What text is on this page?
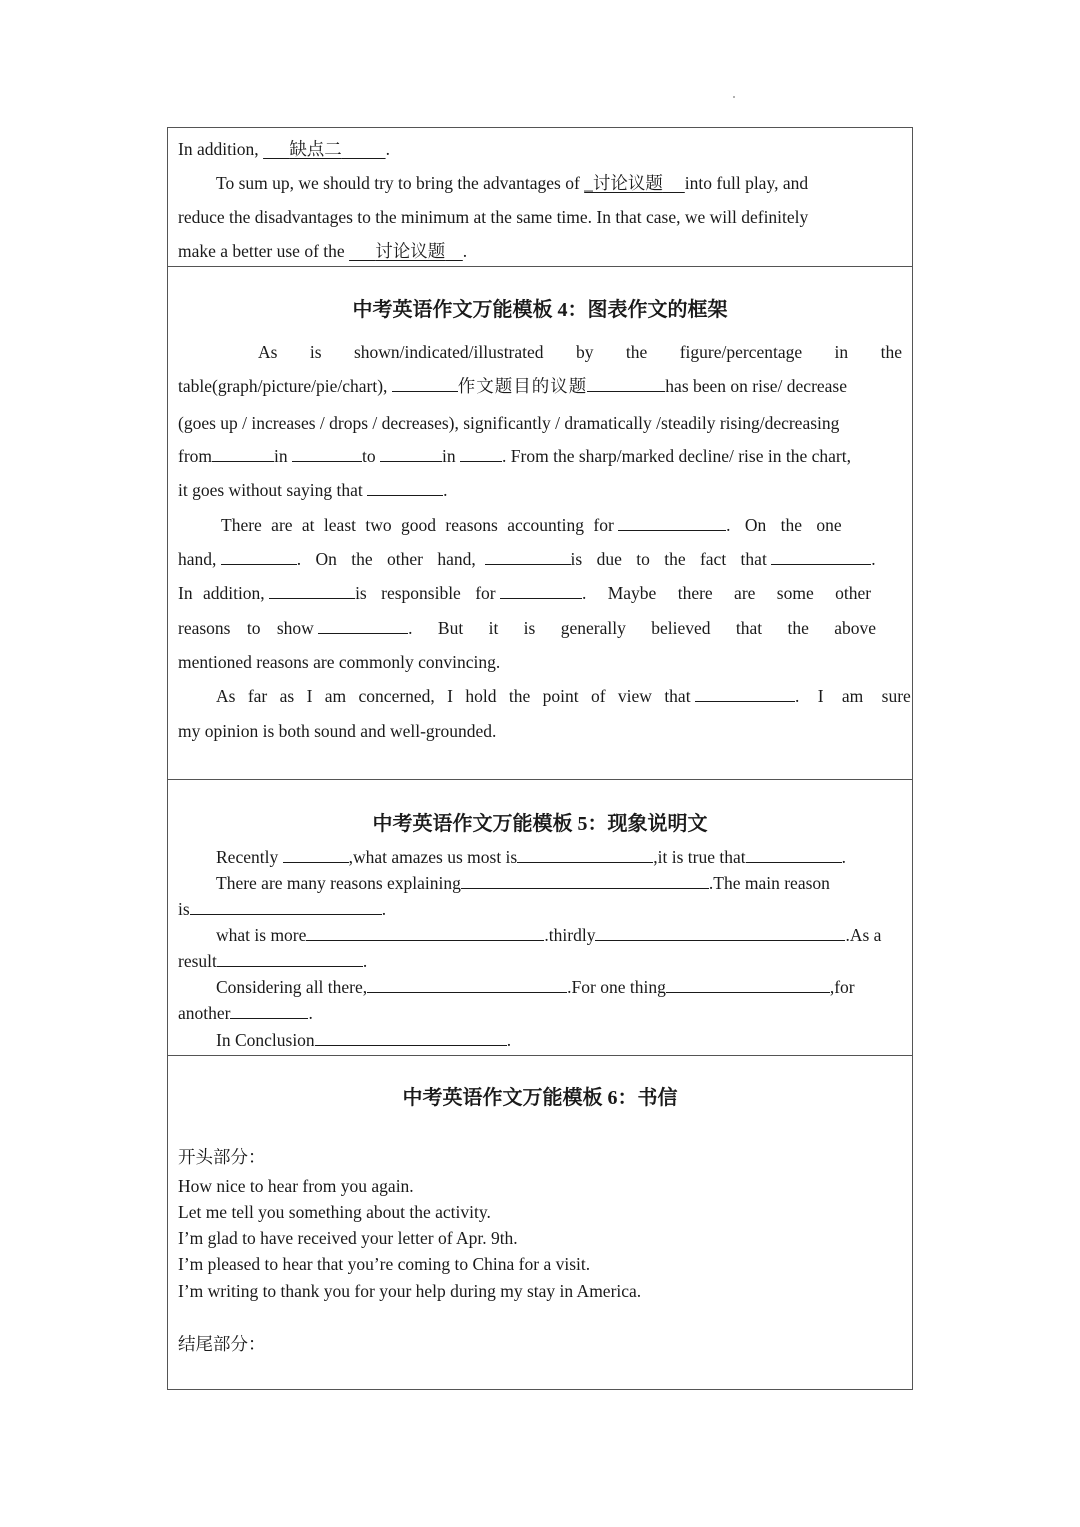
In addition, 缺点二	.
To sum up, we should try to bring the advantages of _讨论议题 into full play, and
reduce the disadvantages to the minimum at the same time. In that case, we will definitely
make a better use of the 讨论议题 .
中考英语作文万能模板 4：图表作文的框架
As is shown/indicated/illustrated by the figure/percentage in the
table(graph/picture/pie/chart),	作文题目的议题	has been on rise/ decrease
(goes up / increases / drops / decreases), significantly / dramatically /steadily rising/decreasing
from	in	to	in	. From the sharp/marked decline/ rise in the chart,
it goes without saying that	.
There are at least two good reasons accounting for	. On the one
hand,	. On the other hand,	is due to the fact that	.
In addition,	is responsible for	. Maybe there are some other
reasons to show	. But it is generally believed that the above
mentioned reasons are commonly convincing.
As far as I am concerned, I hold the point of view that	. I am sure
my opinion is both sound and well-grounded.
中考英语作文万能模板 5：现象说明文
Recently	,what amazes us most is	,it is true that	.
There are many reasons explaining	.The main reason
is	.
what is more	.thirdly	.As a
result	.
Considering all there,	.For one thing	,for
another	.
In Conclusion	.
中考英语作文万能模板 6：书信
开头部分：
How nice to hear from you again.
Let me tell you something about the activity.
I’m glad to have received your letter of Apr. 9th.
I’m pleased to hear that you’re coming to China for a visit.
I’m writing to thank you for your help during my stay in America.
结尾部分：
